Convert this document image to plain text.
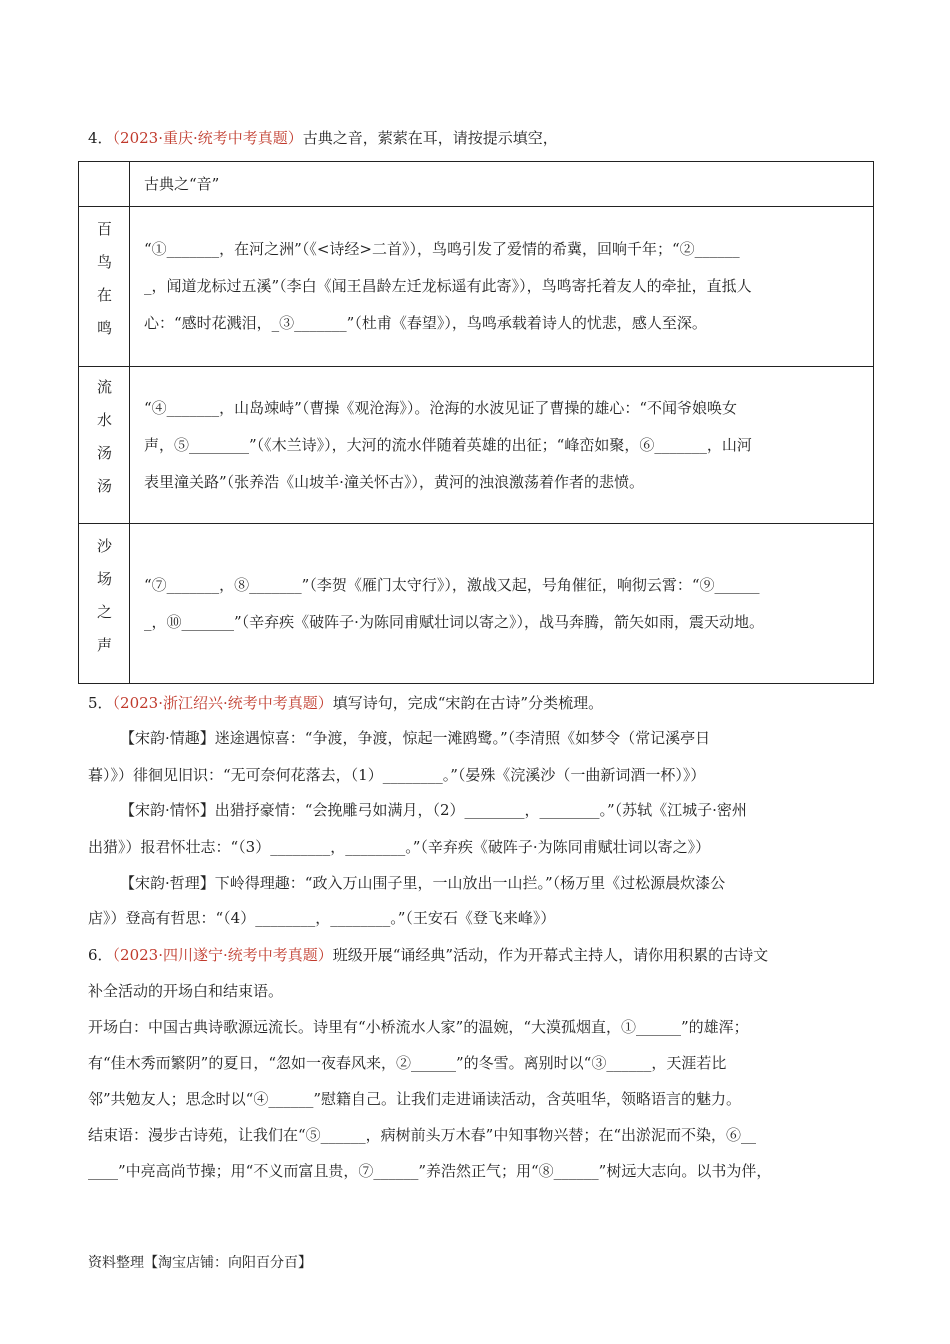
4．（2023·重庆·统考中考真题）古典之音，萦萦在耳，请按提示填空，

	古典之“音”

百鸟在鸣	“①_______，在河之洲”（《<诗经>二首》），鸟鸣引发了爱情的希冀，回响千年；“②______
_，闻道龙标过五溪”（李白《闻王昌龄左迁龙标遥有此寄》），鸟鸣寄托着友人的牵扯，直抵人
心：“感时花溅泪，_③_______”（杜甫《春望》），鸟鸣承载着诗人的忧悲，感人至深。

流水汤汤	“④_______，山岛竦峙”（曹操《观沧海》）。沧海的水波见证了曹操的雄心：“不闻爷娘唤女
声，⑤________”（《木兰诗》），大河的流水伴随着英雄的出征；“峰峦如聚，⑥_______，山河
表里潼关路”（张养浩《山坡羊·潼关怀古》），黄河的浊浪激荡着作者的悲愤。

沙场之声	“⑦_______，⑧_______”（李贺《雁门太守行》），激战又起，号角催征，响彻云霄：“⑨______
_，⑩_______”（辛弃疾《破阵子·为陈同甫赋壮词以寄之》），战马奔腾，箭矢如雨，震天动地。
5．（2023·浙江绍兴·统考中考真题）填写诗句，完成“宋韵在古诗”分类梳理。
【宋韵·情趣】迷途遇惊喜：“争渡，争渡，惊起一滩鸥鹭。”（李清照《如梦令（常记溪亭日
暮）》）徘徊见旧识：“无可奈何花落去，（1）________。”（晏殊《浣溪沙（一曲新词酒一杯）》）
【宋韵·情怀】出猎抒豪情：“会挽雕弓如满月，（2）________，________。”（苏轼《江城子·密州
出猎》）报君怀壮志：“（3）________，________。”（辛弃疾《破阵子·为陈同甫赋壮词以寄之》）
【宋韵·哲理】下岭得理趣：“政入万山围子里，一山放出一山拦。”（杨万里《过松源晨炊漆公
店》）登高有哲思：“（4）________，________。”（王安石《登飞来峰》）
6．（2023·四川遂宁·统考中考真题）班级开展“诵经典”活动，作为开幕式主持人，请你用积累的古诗文
补全活动的开场白和结束语。
开场白：中国古典诗歌源远流长。诗里有“小桥流水人家”的温婉，“大漠孤烟直，①______”的雄浑；
有“佳木秀而繁阴”的夏日，“忽如一夜春风来，②______”的冬雪。离别时以“③______，天涯若比
邻”共勉友人；思念时以“④______”慰籍自己。让我们走进诵读活动，含英咀华，领略语言的魅力。
结束语：漫步古诗苑，让我们在“⑤______，病树前头万木春”中知事物兴替；在“出淤泥而不染，⑥__
____”中亮高尚节操；用“不义而富且贵，⑦______”养浩然正气；用“⑧______”树远大志向。以书为伴，
资料整理【淘宝店铺：向阳百分百】
